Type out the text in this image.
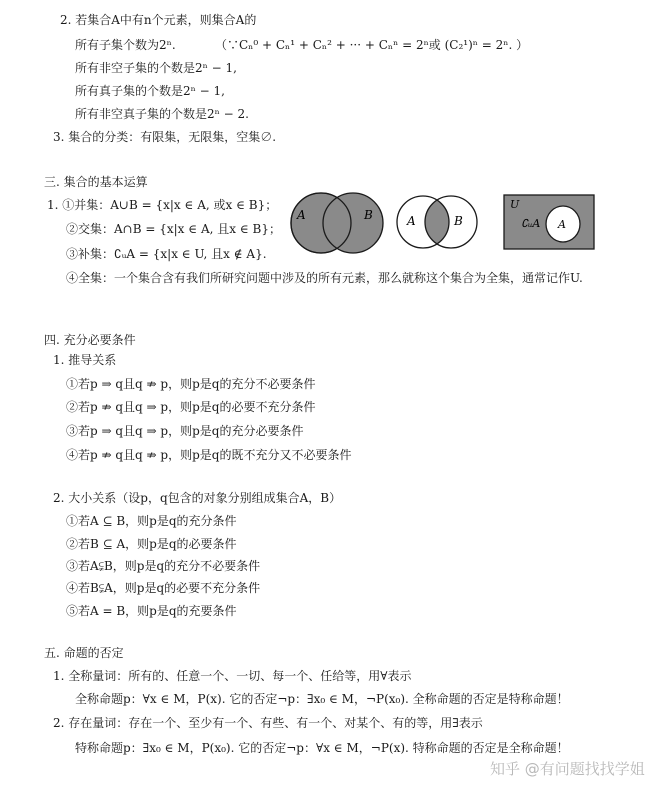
2. 若集合A中有n个元素，则集合A的
所有子集个数为2ⁿ.	（∵Cₙ⁰ + Cₙ¹ + Cₙ² + ··· + Cₙⁿ = 2ⁿ或 (C₂¹)ⁿ = 2ⁿ. ）
所有非空子集的个数是2ⁿ − 1,
所有真子集的个数是2ⁿ − 1,
所有非空真子集的个数是2ⁿ − 2.
3. 集合的分类：有限集，无限集，空集∅.
三. 集合的基本运算
1. ①并集：A∪B = {x|x ∈ A, 或x ∈ B}；
②交集：A∩B = {x|x ∈ A, 且x ∈ B}；
③补集：∁ᵤA = {x|x ∈ U, 且x ∉ A}.
④全集：一个集合含有我们所研究问题中涉及的所有元素，那么就称这个集合为全集，通常记作U.
A	B	A	B
U
∁ᵤA A
四. 充分必要条件
1. 推导关系
①若p ⇒ q且q ⇏ p，则p是q的充分不必要条件
②若p ⇏ q且q ⇒ p，则p是q的必要不充分条件
③若p ⇒ q且q ⇒ p，则p是q的充分必要条件
④若p ⇏ q且q ⇏ p，则p是q的既不充分又不必要条件
2. 大小关系（设p，q包含的对象分别组成集合A，B）
①若A ⊆ B，则p是q的充分条件
②若B ⊆ A，则p是q的必要条件
③若A⫋B，则p是q的充分不必要条件
④若B⫋A，则p是q的必要不充分条件
⑤若A = B，则p是q的充要条件
五. 命题的否定
1. 全称量词：所有的、任意一个、一切、每一个、任给等，用∀表示
全称命题p：∀x ∈ M，P(x). 它的否定¬p：∃x₀ ∈ M，¬P(x₀). 全称命题的否定是特称命题！
2. 存在量词：存在一个、至少有一个、有些、有一个、对某个、有的等，用∃表示
特称命题p：∃x₀ ∈ M，P(x₀). 它的否定¬p：∀x ∈ M，¬P(x). 特称命题的否定是全称命题！
知乎 @有问题找找学姐
